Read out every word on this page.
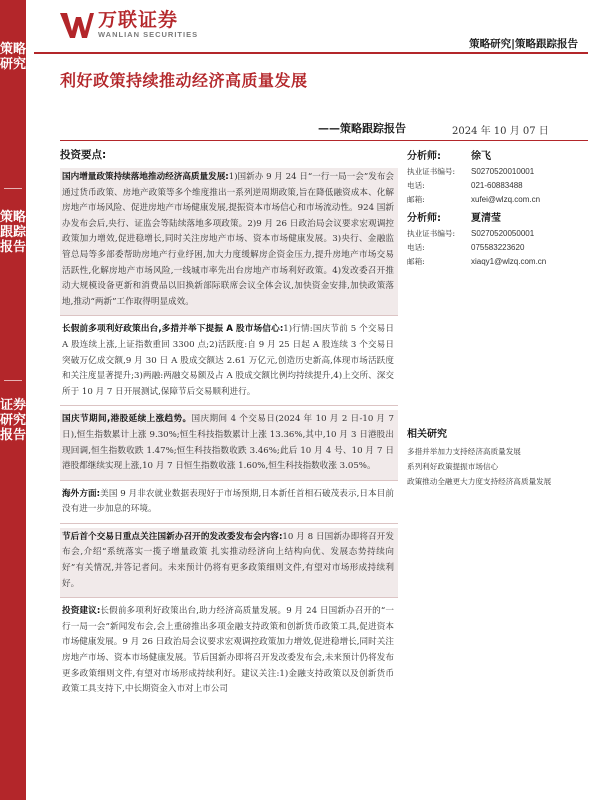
策略研究
策略跟踪报告
证券研究报告
万联证券
WANLIAN SECURITIES
策略研究|策略跟踪报告
利好政策持续推动经济高质量发展
——策略跟踪报告	2024 年 10 月 07 日
投资要点:
国内增量政策持续落地推动经济高质量发展:1)国新办 9 月 24 日“一行一局一会”发布会通过货币政策、房地产政策等多个维度推出一系列逆周期政策,旨在降低融资成本、化解房地产市场风险、促进房地产市场健康发展,提振资本市场信心和市场流动性。924 国新办发布会后,央行、证监会等陆续落地多项政策。2)9 月 26 日政治局会议要求宏观调控政策加力增效,促进稳增长,同时关注房地产市场、资本市场健康发展。3)央行、金融监管总局等多部委帮助房地产行业纾困,加大力度缓解房企资金压力,提升房地产市场交易活跃性,化解房地产市场风险,一线城市率先出台房地产市场利好政策。4)发改委召开推动大规模设备更新和消费品以旧换新部际联席会议全体会议,加快资金安排,加快政策落地,推动“两新”工作取得明显成效。
长假前多项利好政策出台,多措并举下提振 A 股市场信心:1)行情:国庆节前 5 个交易日 A 股连续上涨,上证指数重回 3300 点;2)活跃度:自 9 月 25 日起 A 股连续 3 个交易日突破万亿成交额,9 月 30 日 A 股成交额达 2.61 万亿元,创造历史新高,体现市场活跃度和关注度显著提升;3)两融:两融交易额及占 A 股成交额比例均持续提升,4)上交所、深交所于 10 月 7 日开展测试,保障节后交易顺利进行。
国庆节期间,港股延续上涨趋势。国庆期间 4 个交易日(2024 年 10 月 2 日-10 月 7 日),恒生指数累计上涨 9.30%;恒生科技指数累计上涨 13.36%,其中,10 月 3 日港股出现回调,恒生指数收跌 1.47%;恒生科技指数收跌 3.46%;此后 10 月 4 号、10 月 7 日港股都继续实现上涨,10 月 7 日恒生指数收涨 1.60%,恒生科技指数收涨 3.05%。
海外方面:美国 9 月非农就业数据表现好于市场预期,日本新任首相石破茂表示,日本目前没有进一步加息的环境。
节后首个交易日重点关注国新办召开的发改委发布会内容:10 月 8 日国新办即将召开发布会,介绍“系统落实一揽子增量政策 扎实推动经济向上结构向优、发展态势持续向好”有关情况,并答记者问。未来预计仍将有更多政策细则文件,有望对市场形成持续利好。
投资建议:长假前多项利好政策出台,助力经济高质量发展。9 月 24 日国新办召开的“一行一局一会”新闻发布会,会上重磅推出多项金融支持政策和创新货币政策工具,促进资本市场健康发展。9 月 26 日政治局会议要求宏观调控政策加力增效,促进稳增长,同时关注房地产市场、资本市场健康发展。节后国新办即将召开发改委发布会,未来预计仍将发布更多政策细则文件,有望对市场形成持续利好。建议关注:1)金融支持政策以及创新货币政策工具支持下,中长期资金入市对上市公司
分析师:	徐飞
执业证书编号:	S0270520010001
电话:	021-60883488
邮箱:	xufei@wlzq.com.cn
分析师:	夏清莹
执业证书编号:	S0270520050001
电话:	075583223620
邮箱:	xiaqy1@wlzq.com.cn
相关研究
多措并举加力支持经济高质量发展
系列利好政策提振市场信心
政策推动全融更大力度支持经济高质量发展
